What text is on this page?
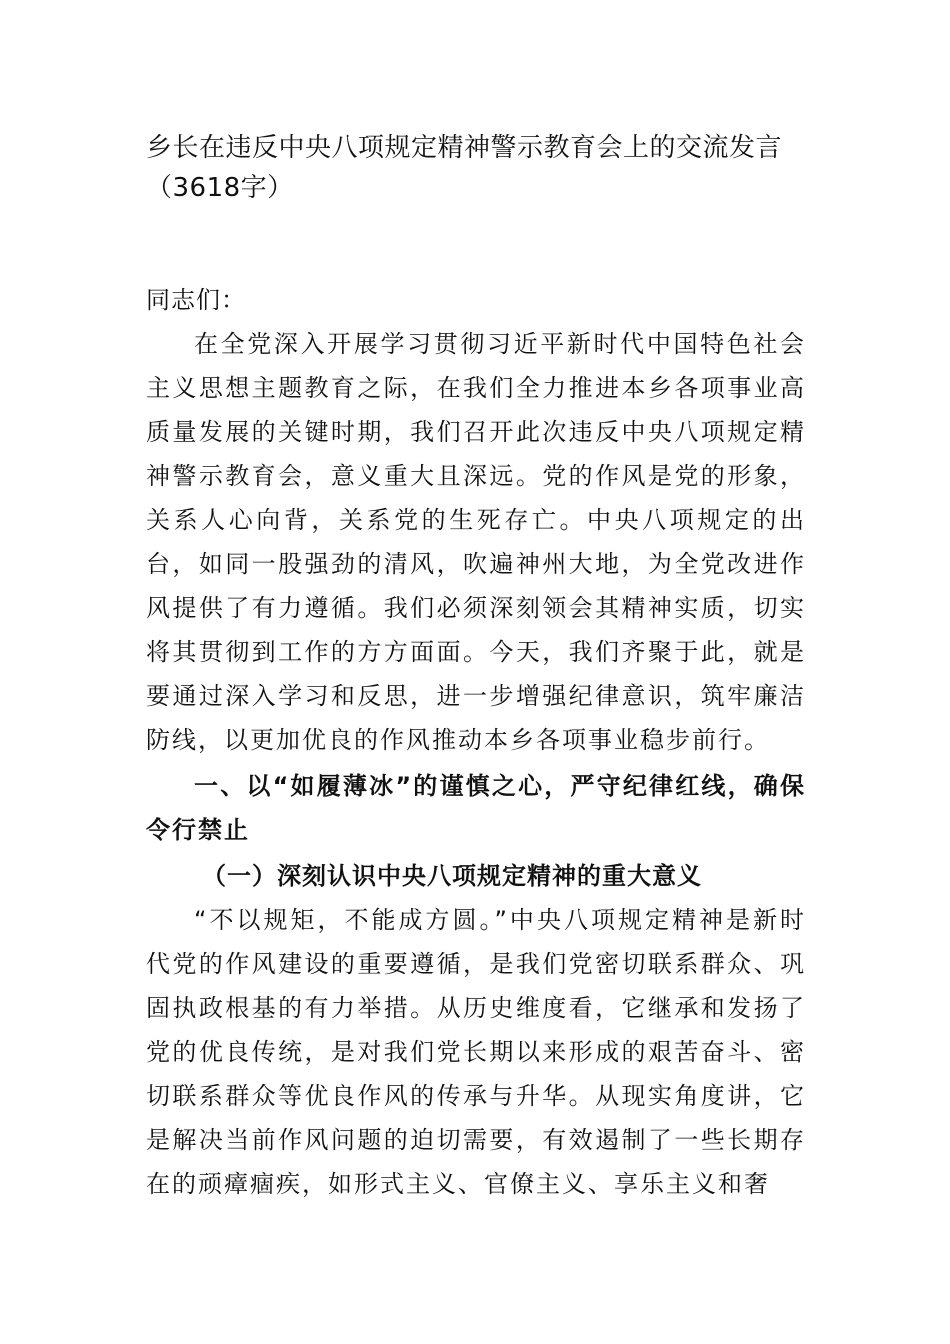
乡长在违反中央八项规定精神警示教育会上的交流发言
（3618字）

同志们：

在全党深入开展学习贯彻习近平新时代中国特色社会主义思想主题教育之际，在我们全力推进本乡各项事业高质量发展的关键时期，我们召开此次违反中央八项规定精神警示教育会，意义重大且深远。党的作风是党的形象，关系人心向背，关系党的生死存亡。中央八项规定的出台，如同一股强劲的清风，吹遍神州大地，为全党改进作风提供了有力遵循。我们必须深刻领会其精神实质，切实将其贯彻到工作的方方面面。今天，我们齐聚于此，就是要通过深入学习和反思，进一步增强纪律意识，筑牢廉洁防线，以更加优良的作风推动本乡各项事业稳步前行。

一、以“如履薄冰”的谨慎之心，严守纪律红线，确保令行禁止

（一）深刻认识中央八项规定精神的重大意义

“不以规矩，不能成方圆。”中央八项规定精神是新时代党的作风建设的重要遵循，是我们党密切联系群众、巩固执政根基的有力举措。从历史维度看，它继承和发扬了党的优良传统，是对我们党长期以来形成的艰苦奋斗、密切联系群众等优良作风的传承与升华。从现实角度讲，它是解决当前作风问题的迫切需要，有效遏制了一些长期存在的顽瘴痼疾，如形式主义、官僚主义、享乐主义和奢
